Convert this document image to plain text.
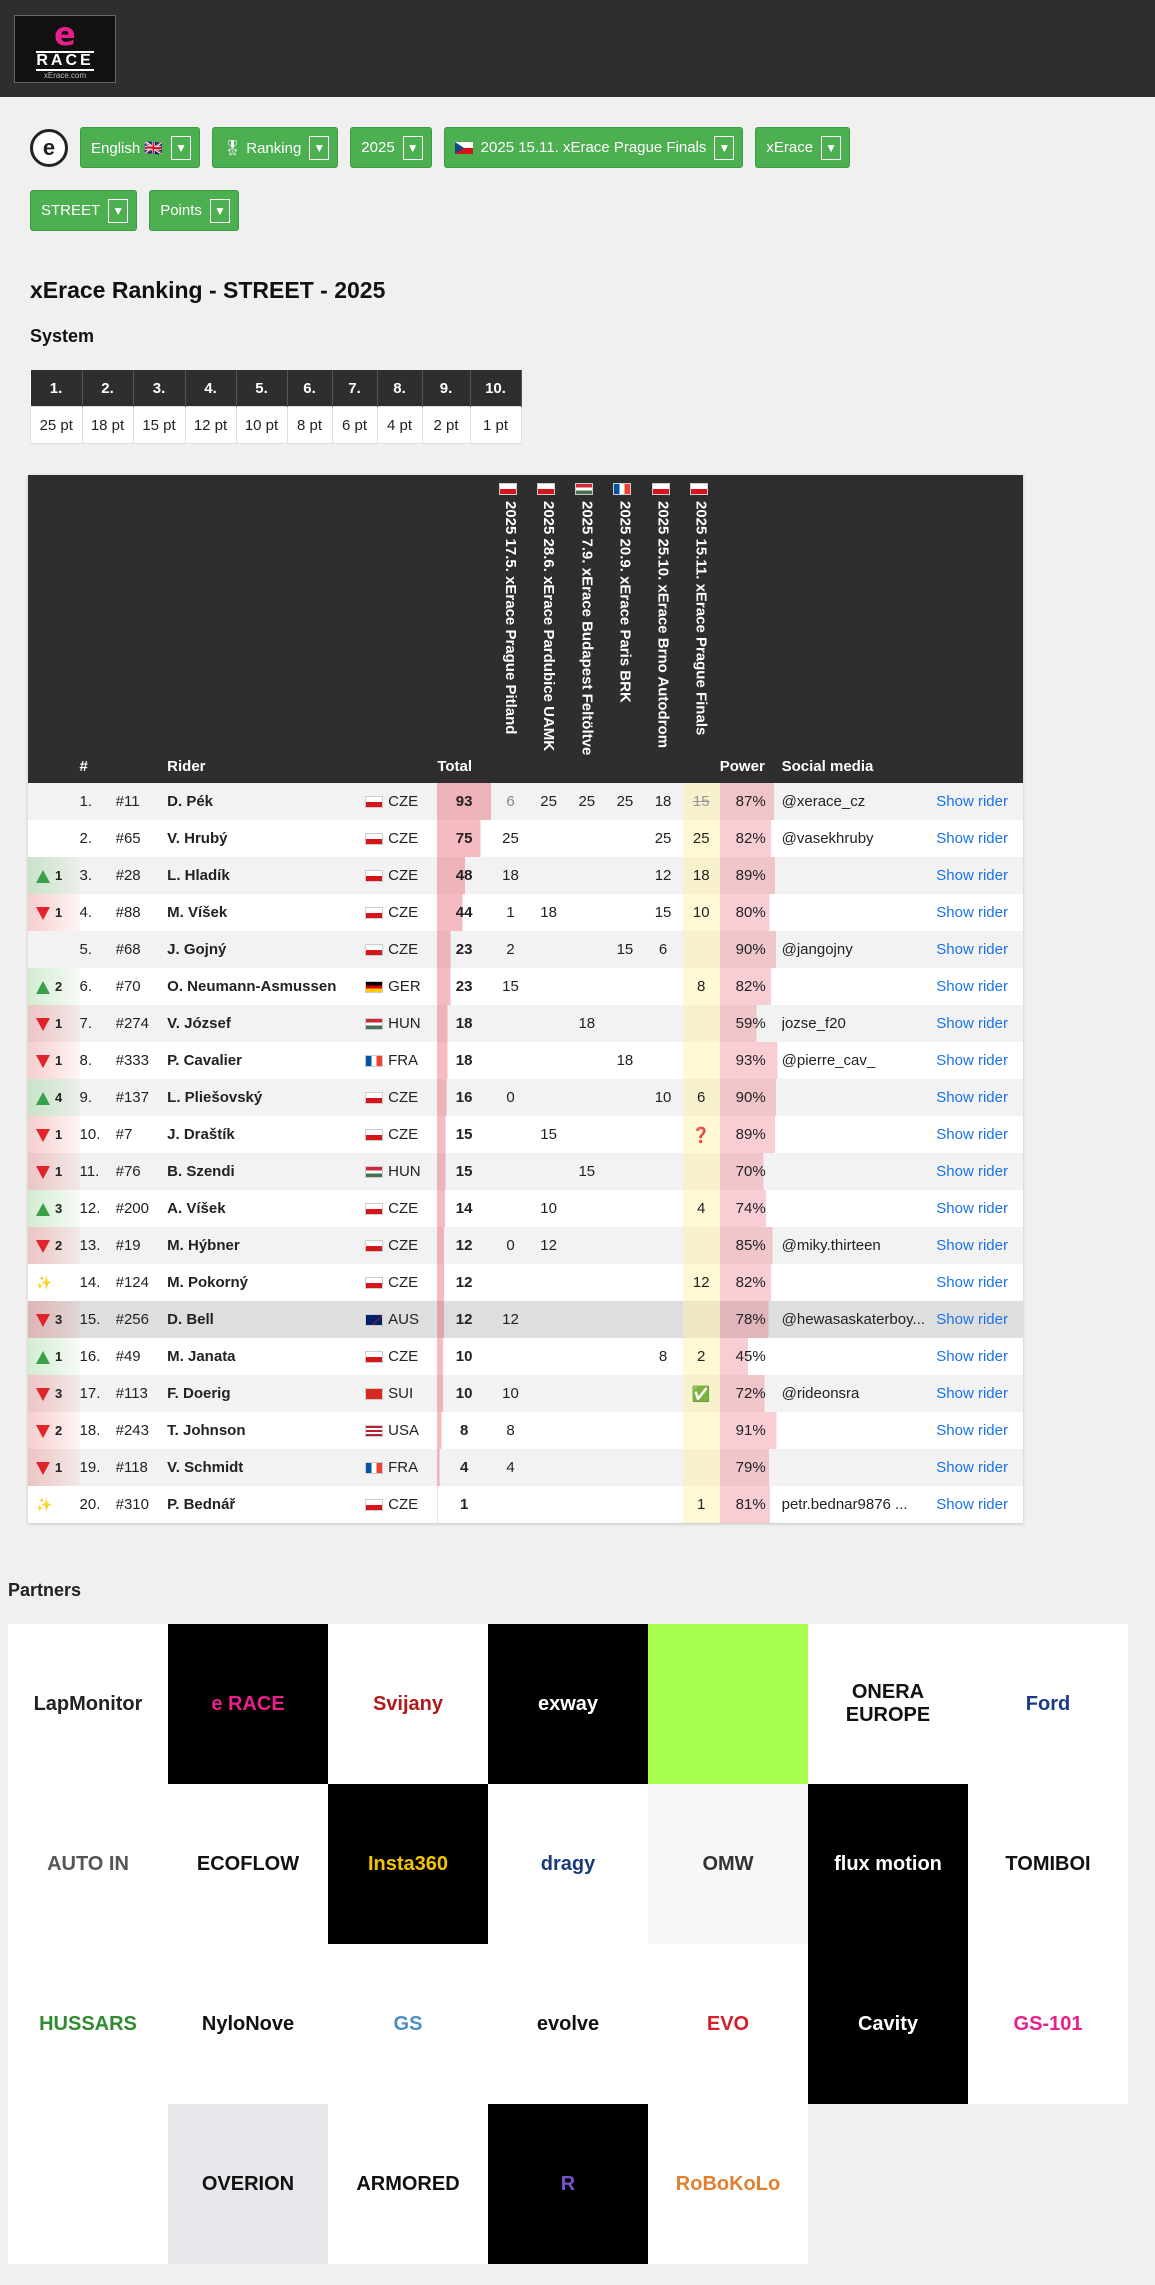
e
RACE
xErace.com
e	English 🇬🇧	▼ 🎖 Ranking	▼ 2025	▼	2025 15.11. xErace Prague Finals	▼ xErace	▼
STREET	▼ Points	▼
xErace Ranking - STREET - 2025
System
1.	2.	3.	4.	5.	6.	7.	8.	9.	10.
25 pt	18 pt	15 pt	12 pt	10 pt	8 pt	6 pt	4 pt	2 pt	1 pt
	#		Rider		Total	2025 17.5. xErace Prague Pitland	2025 28.6. xErace Pardubice UAMK	2025 7.9. xErace Budapest Feltöltve	2025 20.9. xErace Paris BRK	2025 25.10. xErace Brno Autodrom	2025 15.11. xErace Prague Finals	Power	Social media	
	1.	#11	D. Pék	CZE	93	6	25	25	25	18	15	87%	@xerace_cz	Show rider
	2.	#65	V. Hrubý	CZE	75	25				25	25	82%	@vasekhruby	Show rider
1	3.	#28	L. Hladík	CZE	48	18				12	18	89%		Show rider
1	4.	#88	M. Víšek	CZE	44	1	18			15	10	80%		Show rider
	5.	#68	J. Gojný	CZE	23	2			15	6		90%	@jangojny	Show rider
2	6.	#70	O. Neumann-Asmussen	GER	23	15					8	82%		Show rider
1	7.	#274	V. József	HUN	18			18				59%	jozse_f20	Show rider
1	8.	#333	P. Cavalier	FRA	18				18			93%	@pierre_cav_	Show rider
4	9.	#137	L. Pliešovský	CZE	16	0				10	6	90%		Show rider
1	10.	#7	J. Draštík	CZE	15		15				❓	89%		Show rider
1	11.	#76	B. Szendi	HUN	15			15				70%		Show rider
3	12.	#200	A. Víšek	CZE	14		10				4	74%		Show rider
2	13.	#19	M. Hýbner	CZE	12	0	12					85%	@miky.thirteen	Show rider
✨	14.	#124	M. Pokorný	CZE	12						12	82%		Show rider
3	15.	#256	D. Bell	AUS	12	12						78%	@hewasaskaterboy...	Show rider
1	16.	#49	M. Janata	CZE	10					8	2	45%		Show rider
3	17.	#113	F. Doerig	SUI	10	10					✅	72%	@rideonsra	Show rider
2	18.	#243	T. Johnson	USA	8	8						91%		Show rider
1	19.	#118	V. Schmidt	FRA	4	4						79%		Show rider
✨	20.	#310	P. Bednář	CZE	1						1	81%	petr.bednar9876 ...	Show rider
Partners
LapMonitor	e RACE	Svijany	exway
ONERA EUROPE
Ford
AUTO IN	ECOFLOW	Insta360	dragy	OMW	flux motion	TOMIBOI
HUSSARS	NyloNove	GS	evolve	EVO	Cavity	GS-101
OVERION	ARMORED	R	RoBoKoLo
